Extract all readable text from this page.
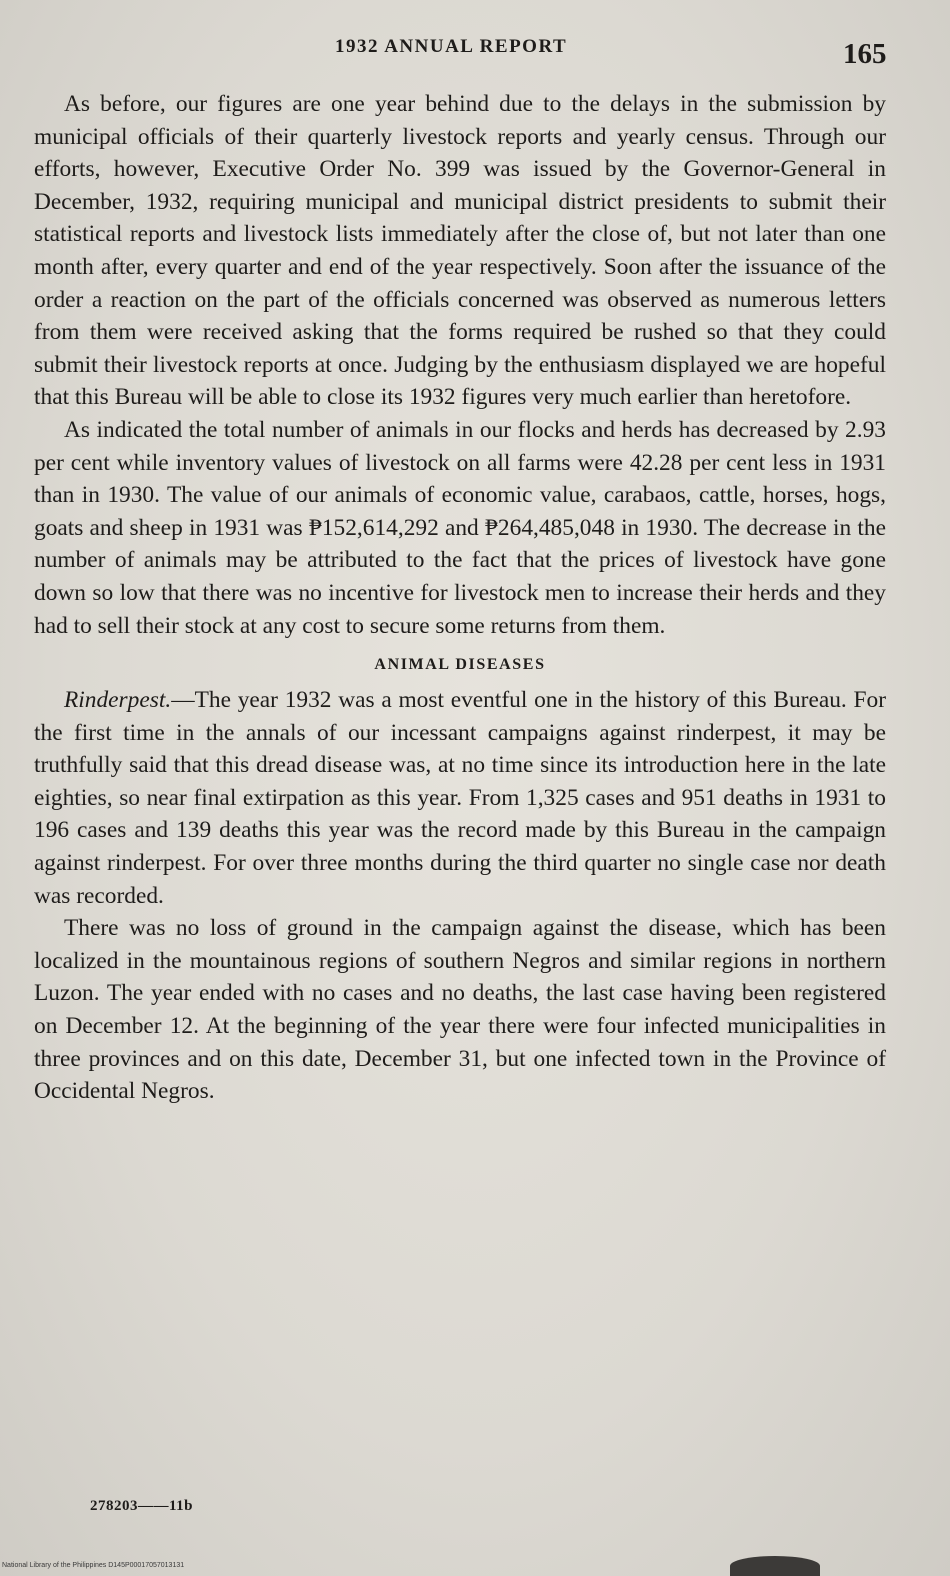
1932 ANNUAL REPORT	165

As before, our figures are one year behind due to the delays in the submission by municipal officials of their quarterly livestock reports and yearly census. Through our efforts, however, Executive Order No. 399 was issued by the Governor-General in December, 1932, requiring municipal and municipal district presidents to submit their statistical reports and livestock lists immediately after the close of, but not later than one month after, every quarter and end of the year respectively. Soon after the issuance of the order a reaction on the part of the officials concerned was observed as numerous letters from them were received asking that the forms required be rushed so that they could submit their livestock reports at once. Judging by the enthusiasm displayed we are hopeful that this Bureau will be able to close its 1932 figures very much earlier than heretofore.

As indicated the total number of animals in our flocks and herds has decreased by 2.93 per cent while inventory values of livestock on all farms were 42.28 per cent less in 1931 than in 1930. The value of our animals of economic value, carabaos, cattle, horses, hogs, goats and sheep in 1931 was ₱152,614,292 and ₱264,485,048 in 1930. The decrease in the number of animals may be attributed to the fact that the prices of livestock have gone down so low that there was no incentive for livestock men to increase their herds and they had to sell their stock at any cost to secure some returns from them.

ANIMAL DISEASES

Rinderpest.—The year 1932 was a most eventful one in the history of this Bureau. For the first time in the annals of our incessant campaigns against rinderpest, it may be truthfully said that this dread disease was, at no time since its introduction here in the late eighties, so near final extirpation as this year. From 1,325 cases and 951 deaths in 1931 to 196 cases and 139 deaths this year was the record made by this Bureau in the campaign against rinderpest. For over three months during the third quarter no single case nor death was recorded.

There was no loss of ground in the campaign against the disease, which has been localized in the mountainous regions of southern Negros and similar regions in northern Luzon. The year ended with no cases and no deaths, the last case having been registered on December 12. At the beginning of the year there were four infected municipalities in three provinces and on this date, December 31, but one infected town in the Province of Occidental Negros.

278203——11b
National Library of the Philippines D145P00017057013131
